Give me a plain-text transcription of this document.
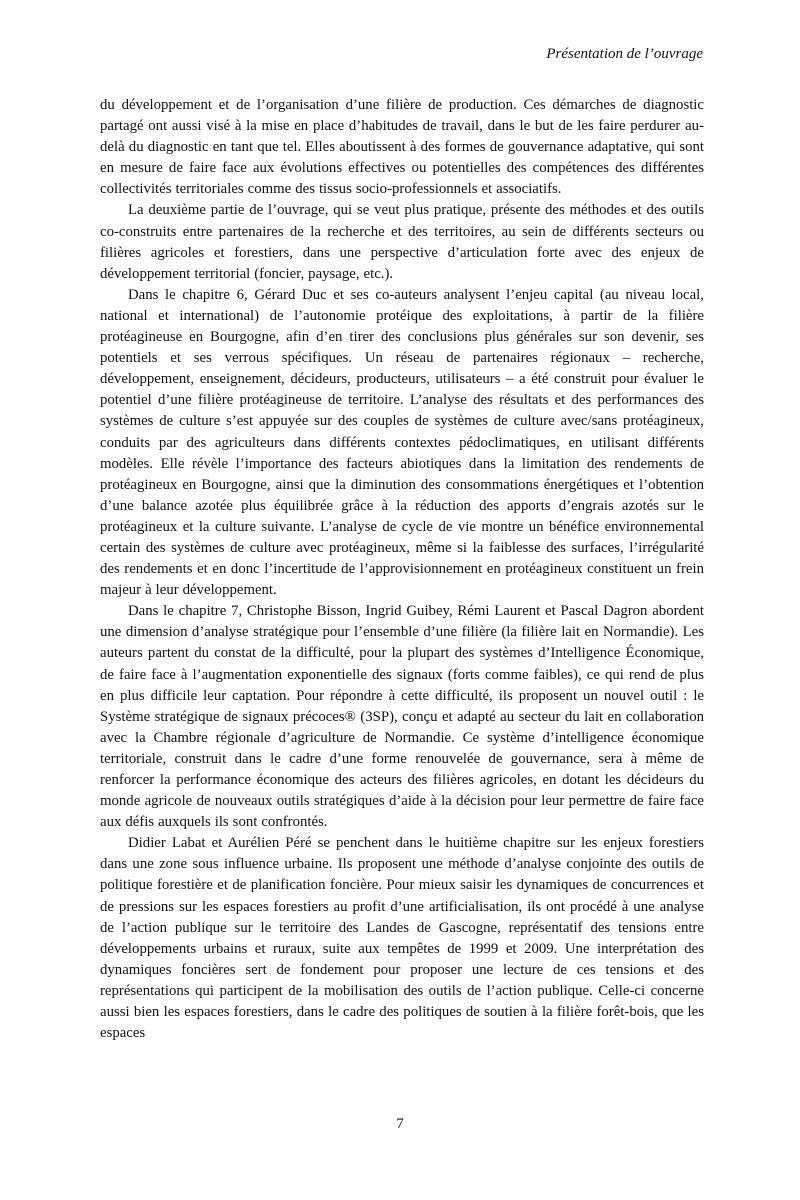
Présentation de l’ouvrage

du développement et de l’organisation d’une filière de production. Ces démarches de diagnostic partagé ont aussi visé à la mise en place d’habitudes de travail, dans le but de les faire perdurer au-delà du diagnostic en tant que tel. Elles aboutissent à des formes de gouvernance adaptative, qui sont en mesure de faire face aux évolutions effectives ou potentielles des compétences des différentes collectivités territoriales comme des tissus socio-professionnels et associatifs.

La deuxième partie de l’ouvrage, qui se veut plus pratique, présente des méthodes et des outils co-construits entre partenaires de la recherche et des territoires, au sein de différents secteurs ou filières agricoles et forestiers, dans une perspective d’articulation forte avec des enjeux de développement territorial (foncier, paysage, etc.).

Dans le chapitre 6, Gérard Duc et ses co-auteurs analysent l’enjeu capital (au niveau local, national et international) de l’autonomie protéique des exploitations, à partir de la filière protéagineuse en Bourgogne, afin d’en tirer des conclusions plus générales sur son devenir, ses potentiels et ses verrous spécifiques. Un réseau de partenaires régionaux – recherche, développement, enseignement, décideurs, producteurs, utilisateurs – a été construit pour évaluer le potentiel d’une filière protéagineuse de territoire. L’analyse des résultats et des performances des systèmes de culture s’est appuyée sur des couples de systèmes de culture avec/sans protéagineux, conduits par des agriculteurs dans différents contextes pédoclimatiques, en utilisant différents modèles. Elle révèle l’importance des facteurs abiotiques dans la limitation des rendements de protéagineux en Bourgogne, ainsi que la diminution des consommations énergétiques et l’obtention d’une balance azotée plus équilibrée grâce à la réduction des apports d’engrais azotés sur le protéagineux et la culture suivante. L’analyse de cycle de vie montre un bénéfice environnemental certain des systèmes de culture avec protéagineux, même si la faiblesse des surfaces, l’irrégularité des rendements et en donc l’incertitude de l’approvisionnement en protéagineux constituent un frein majeur à leur développement.

Dans le chapitre 7, Christophe Bisson, Ingrid Guibey, Rémi Laurent et Pascal Dagron abordent une dimension d’analyse stratégique pour l’ensemble d’une filière (la filière lait en Normandie). Les auteurs partent du constat de la difficulté, pour la plupart des systèmes d’Intelligence Économique, de faire face à l’augmentation exponentielle des signaux (forts comme faibles), ce qui rend de plus en plus difficile leur captation. Pour répondre à cette difficulté, ils proposent un nouvel outil : le Système stratégique de signaux précoces® (3SP), conçu et adapté au secteur du lait en collaboration avec la Chambre régionale d’agriculture de Normandie. Ce système d’intelligence économique territoriale, construit dans le cadre d’une forme renouvelée de gouvernance, sera à même de renforcer la performance économique des acteurs des filières agricoles, en dotant les décideurs du monde agricole de nouveaux outils stratégiques d’aide à la décision pour leur permettre de faire face aux défis auxquels ils sont confrontés.

Didier Labat et Aurélien Péré se penchent dans le huitième chapitre sur les enjeux forestiers dans une zone sous influence urbaine. Ils proposent une méthode d’analyse conjointe des outils de politique forestière et de planification foncière. Pour mieux saisir les dynamiques de concurrences et de pressions sur les espaces forestiers au profit d’une artificialisation, ils ont procédé à une analyse de l’action publique sur le territoire des Landes de Gascogne, représentatif des tensions entre développements urbains et ruraux, suite aux tempêtes de 1999 et 2009. Une interprétation des dynamiques foncières sert de fondement pour proposer une lecture de ces tensions et des représentations qui participent de la mobilisation des outils de l’action publique. Celle-ci concerne aussi bien les espaces forestiers, dans le cadre des politiques de soutien à la filière forêt-bois, que les espaces

7
